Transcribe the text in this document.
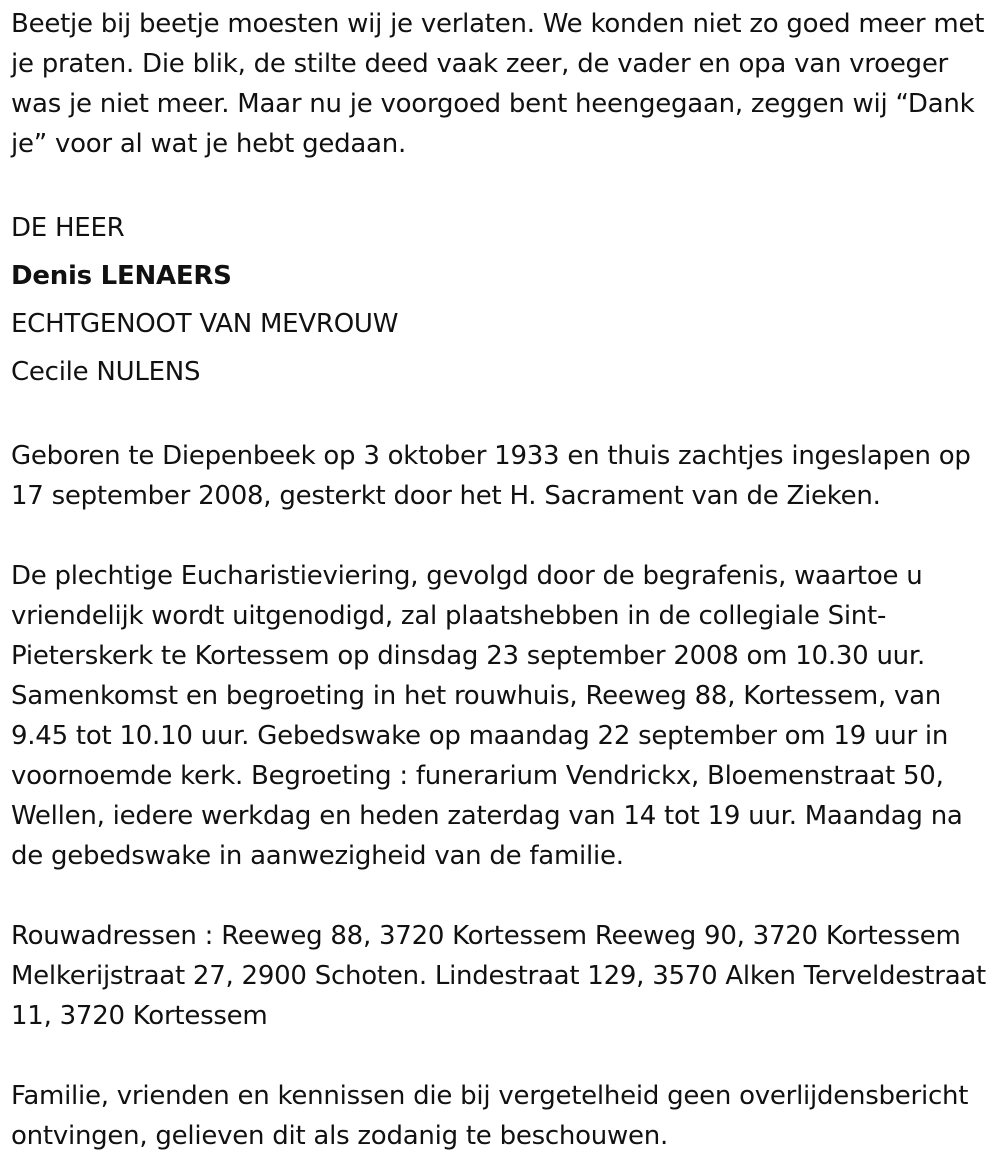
Beetje bij beetje moesten wij je verlaten. We konden niet zo goed meer met je praten. Die blik, de stilte deed vaak zeer, de vader en opa van vroeger was je niet meer. Maar nu je voorgoed bent heengegaan, zeggen wij “Dank je” voor al wat je hebt gedaan.

DE HEER

Denis LENAERS

ECHTGENOOT VAN MEVROUW

Cecile NULENS

Geboren te Diepenbeek op 3 oktober 1933 en thuis zachtjes ingeslapen op 17 september 2008, gesterkt door het H. Sacrament van de Zieken.

De plechtige Eucharistieviering, gevolgd door de begrafenis, waartoe u vriendelijk wordt uitgenodigd, zal plaatshebben in de collegiale Sint-Pieterskerk te Kortessem op dinsdag 23 september 2008 om 10.30 uur. Samenkomst en begroeting in het rouwhuis, Reeweg 88, Kortessem, van 9.45 tot 10.10 uur. Gebedswake op maandag 22 september om 19 uur in voornoemde kerk. Begroeting : funerarium Vendrickx, Bloemenstraat 50, Wellen, iedere werkdag en heden zaterdag van 14 tot 19 uur. Maandag na de gebedswake in aanwezigheid van de familie.

Rouwadressen : Reeweg 88, 3720 Kortessem Reeweg 90, 3720 Kortessem Melkerijstraat 27, 2900 Schoten. Lindestraat 129, 3570 Alken Terveldestraat 11, 3720 Kortessem

Familie, vrienden en kennissen die bij vergetelheid geen overlijdensbericht ontvingen, gelieven dit als zodanig te beschouwen.
